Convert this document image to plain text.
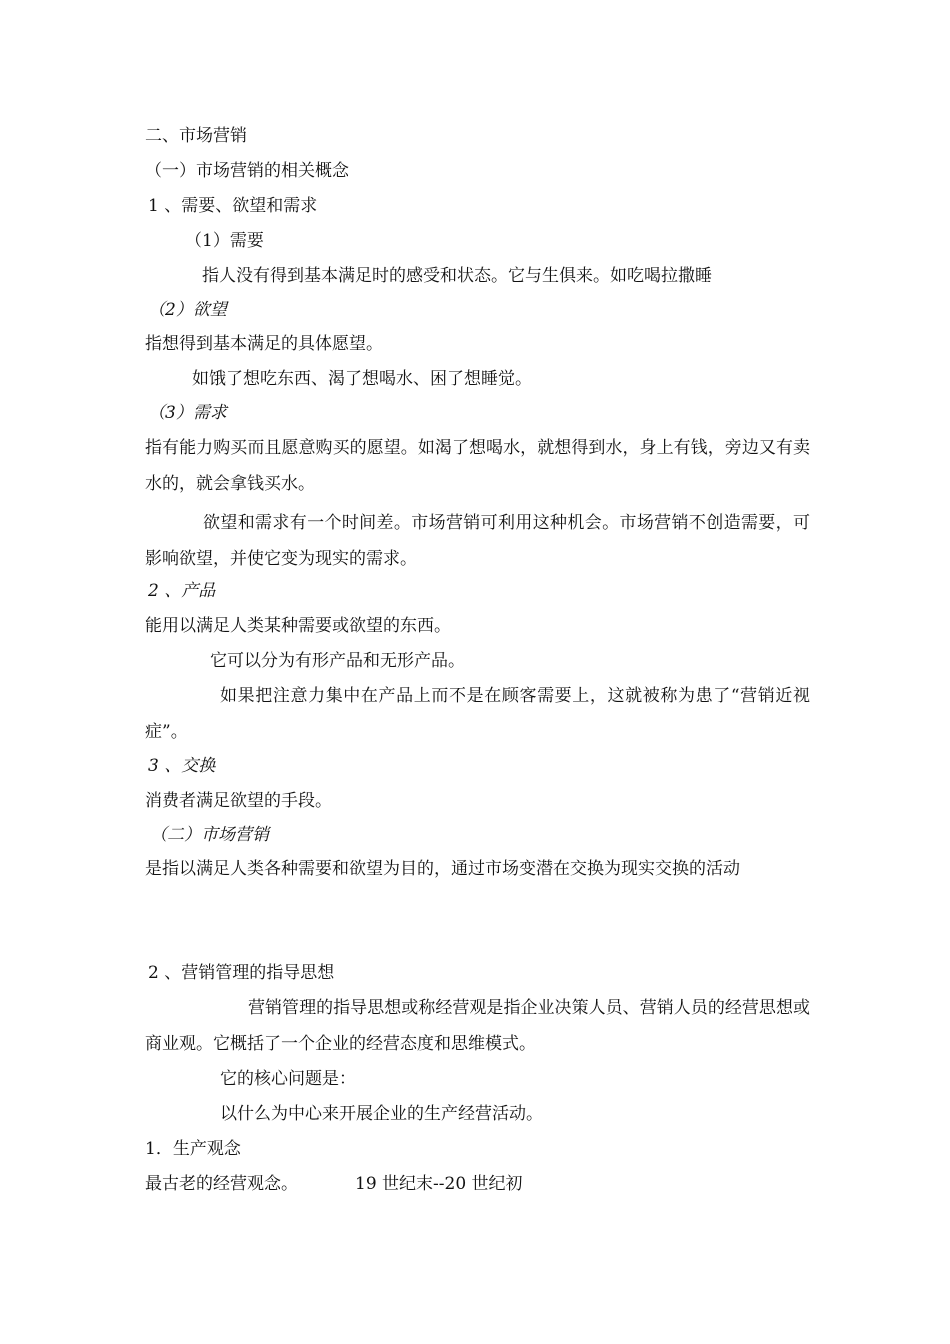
二、市场营销
（一）市场营销的相关概念
1 、需要、欲望和需求
（1）需要
指人没有得到基本满足时的感受和状态。它与生俱来。如吃喝拉撒睡
（2）欲望
指想得到基本满足的具体愿望。
如饿了想吃东西、渴了想喝水、困了想睡觉。
（3）需求
指有能力购买而且愿意购买的愿望。如渴了想喝水，就想得到水，身上有钱，旁边又有卖水的，就会拿钱买水。
欲望和需求有一个时间差。市场营销可利用这种机会。市场营销不创造需要，可影响欲望，并使它变为现实的需求。
2 、产品
能用以满足人类某种需要或欲望的东西。
它可以分为有形产品和无形产品。
如果把注意力集中在产品上而不是在顾客需要上，这就被称为患了“营销近视症”。
3 、交换
消费者满足欲望的手段。
（二）市场营销
是指以满足人类各种需要和欲望为目的，通过市场变潜在交换为现实交换的活动
2 、营销管理的指导思想
营销管理的指导思想或称经营观是指企业决策人员、营销人员的经营思想或商业观。它概括了一个企业的经营态度和思维模式。
它的核心问题是：
以什么为中心来开展企业的生产经营活动。
1．生产观念
最古老的经营观念。	19 世纪末--20 世纪初
